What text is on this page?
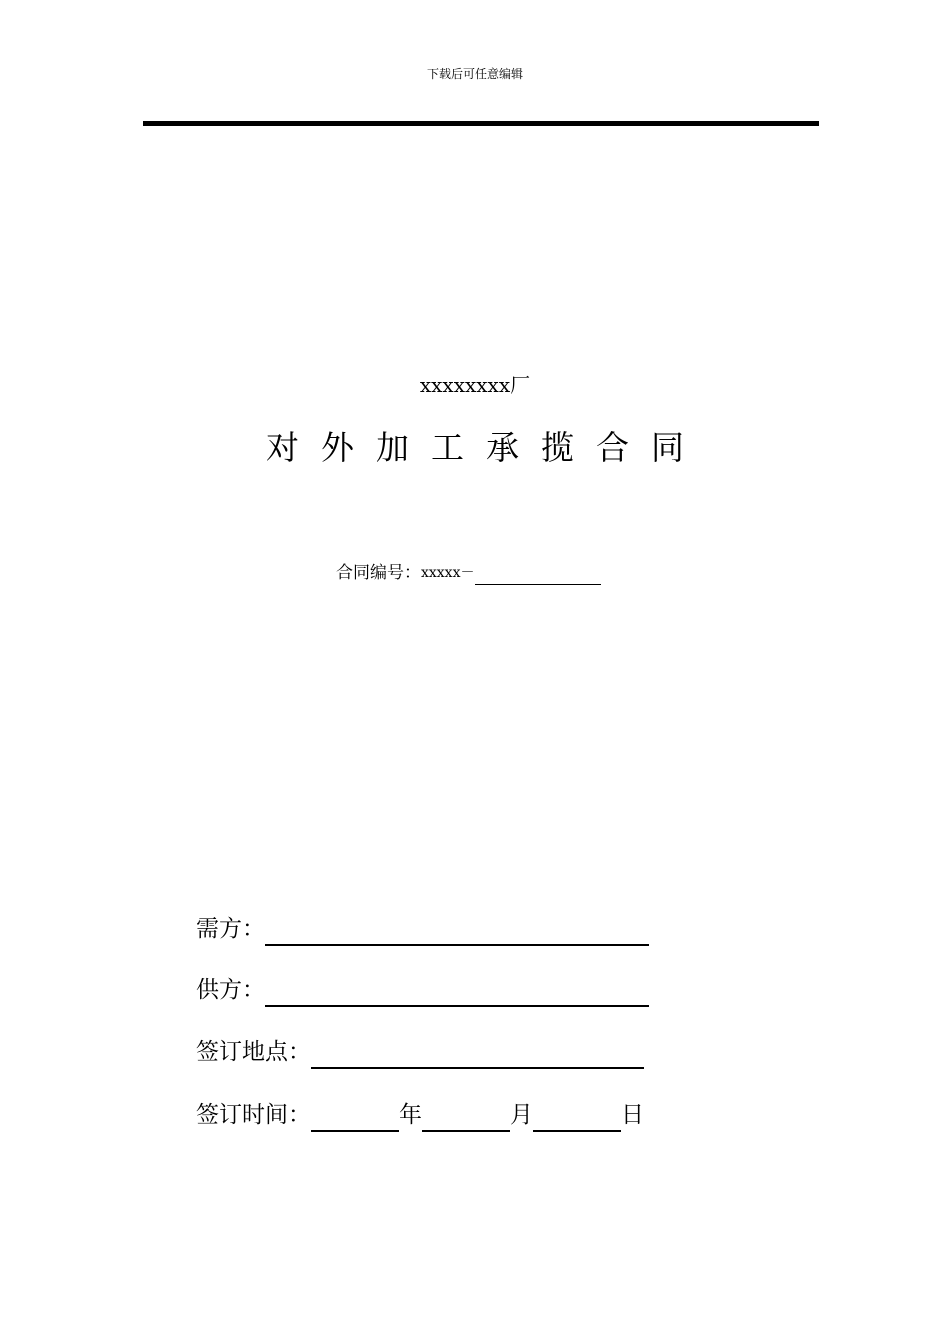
下载后可任意编辑
xxxxxxxx厂
对外加工承揽合同
合同编号： xxxxx－
需方：
供方：
签订地点：
签订时间：	年	月	日
